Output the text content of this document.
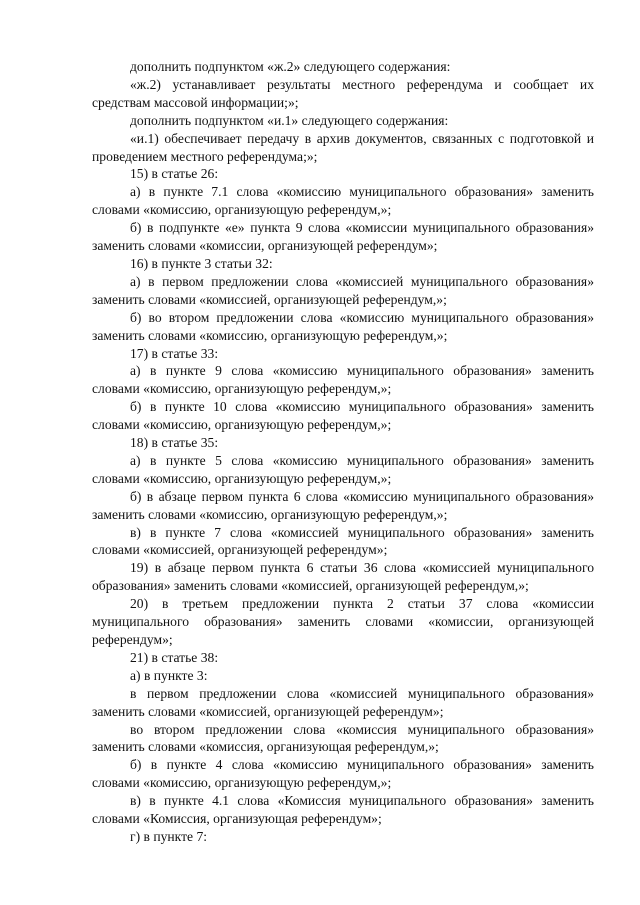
дополнить подпунктом «ж.2» следующего содержания:

«ж.2) устанавливает результаты местного референдума и сообщает их средствам массовой информации;»;

дополнить подпунктом «и.1» следующего содержания:

«и.1) обеспечивает передачу в архив документов, связанных с подготовкой и проведением местного референдума;»;

15) в статье 26:

а) в пункте 7.1 слова «комиссию муниципального образования» заменить словами «комиссию, организующую референдум,»;

б) в подпункте «е» пункта 9 слова «комиссии муниципального образования» заменить словами «комиссии, организующей референдум»;

16) в пункте 3 статьи 32:

а) в первом предложении слова «комиссией муниципального образования» заменить словами «комиссией, организующей референдум,»;

б) во втором предложении слова «комиссию муниципального образования» заменить словами «комиссию, организующую референдум,»;

17) в статье 33:

а) в пункте 9 слова «комиссию муниципального образования» заменить словами «комиссию, организующую референдум,»;

б) в пункте 10 слова «комиссию муниципального образования» заменить словами «комиссию, организующую референдум,»;

18) в статье 35:

а) в пункте 5 слова «комиссию муниципального образования» заменить словами «комиссию, организующую референдум,»;

б) в абзаце первом пункта 6 слова «комиссию муниципального образования» заменить словами «комиссию, организующую референдум,»;

в) в пункте 7 слова «комиссией муниципального образования» заменить словами «комиссией, организующей референдум»;

19) в абзаце первом пункта 6 статьи 36 слова «комиссией муниципального образования» заменить словами «комиссией, организующей референдум,»;

20) в третьем предложении пункта 2 статьи 37 слова «комиссии муниципального образования» заменить словами «комиссии, организующей референдум»;

21) в статье 38:

а) в пункте 3:

в первом предложении слова «комиссией муниципального образования» заменить словами «комиссией, организующей референдум»;

во втором предложении слова «комиссия муниципального образования» заменить словами «комиссия, организующая референдум,»;

б) в пункте 4 слова «комиссию муниципального образования» заменить словами «комиссию, организующую референдум,»;

в) в пункте 4.1 слова «Комиссия муниципального образования» заменить словами «Комиссия, организующая референдум»;

г) в пункте 7:
